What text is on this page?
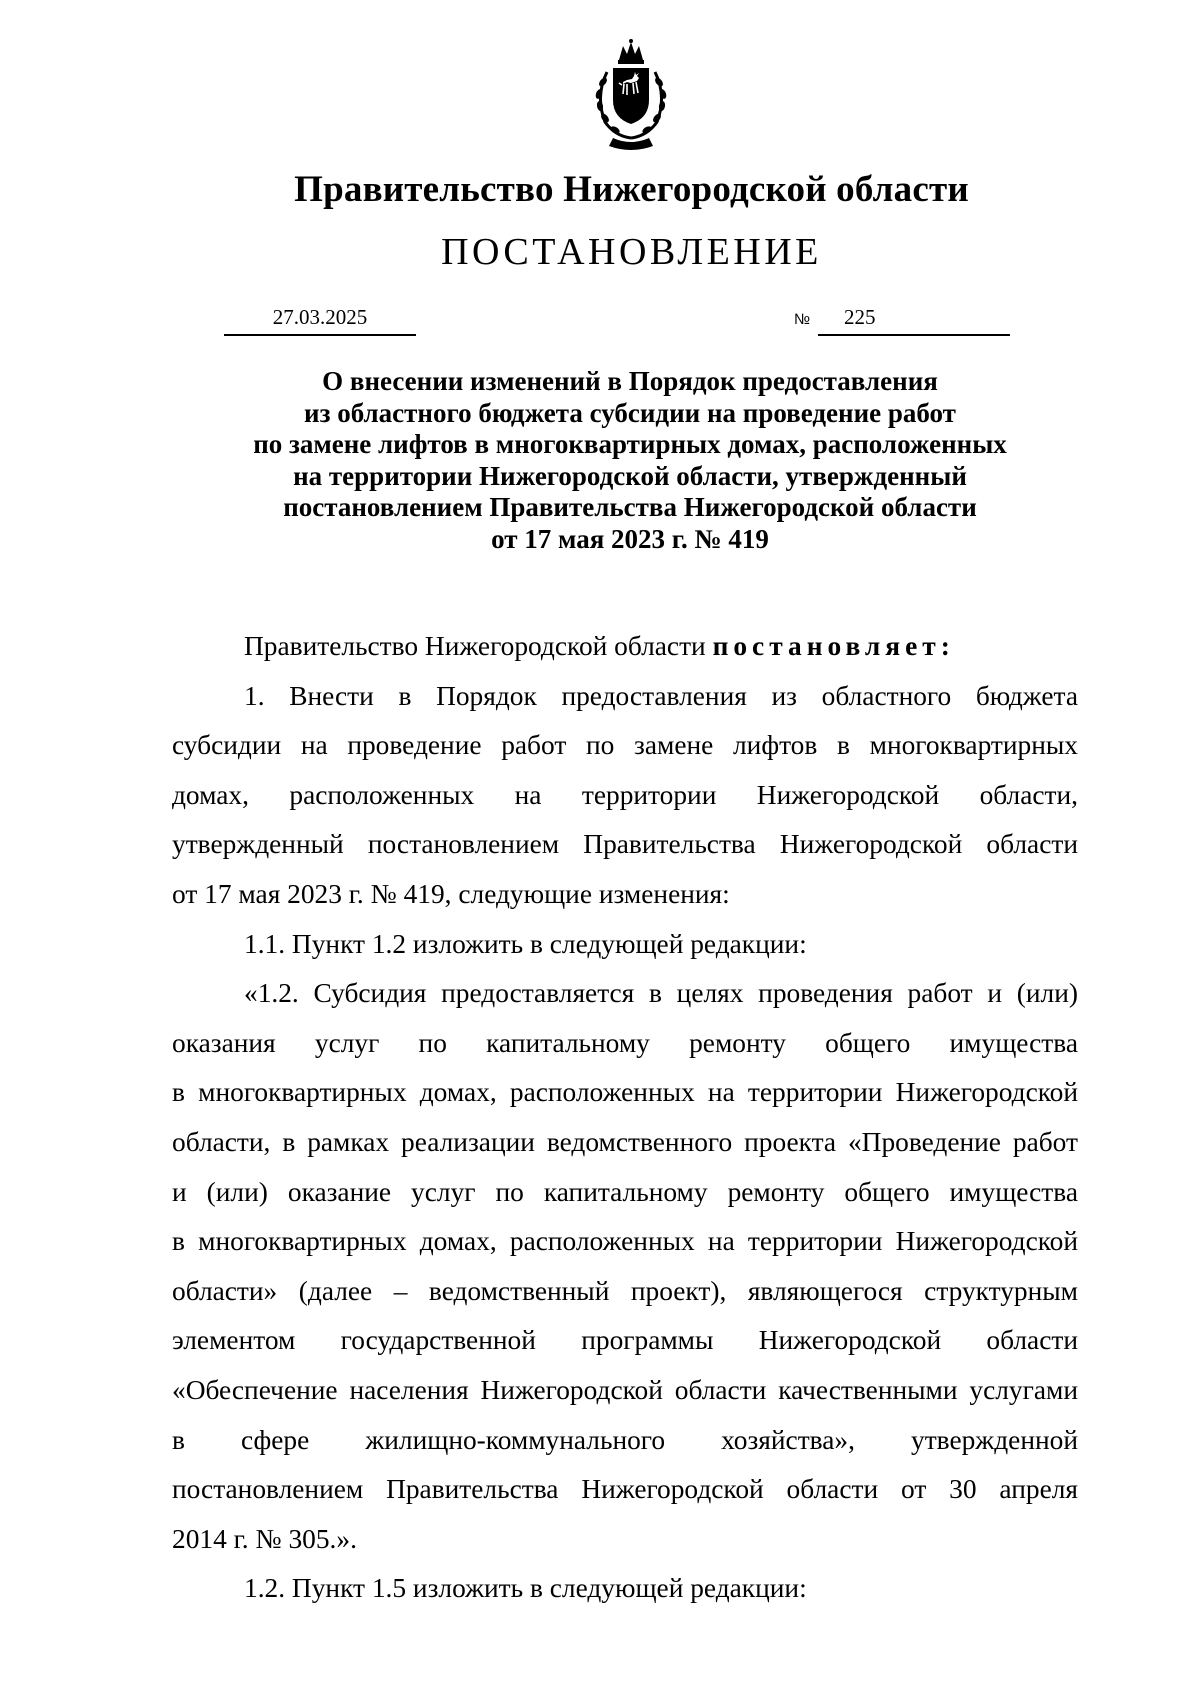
Правительство Нижегородской области
ПОСТАНОВЛЕНИЕ
27.03.2025	№ 225
О внесении изменений в Порядок предоставления
из областного бюджета субсидии на проведение работ
по замене лифтов в многоквартирных домах, расположенных
на территории Нижегородской области, утвержденный
постановлением Правительства Нижегородской области
от 17 мая 2023 г. № 419

Правительство Нижегородской области постановляет:

1. Внести в Порядок предоставления из областного бюджета
субсидии на проведение работ по замене лифтов в многоквартирных
домах, расположенных на территории Нижегородской области,
утвержденный постановлением Правительства Нижегородской области
от 17 мая 2023 г. № 419, следующие изменения:

1.1. Пункт 1.2 изложить в следующей редакции:

«1.2. Субсидия предоставляется в целях проведения работ и (или)
оказания услуг по капитальному ремонту общего имущества
в многоквартирных домах, расположенных на территории Нижегородской
области, в рамках реализации ведомственного проекта «Проведение работ
и (или) оказание услуг по капитальному ремонту общего имущества
в многоквартирных домах, расположенных на территории Нижегородской
области» (далее – ведомственный проект), являющегося структурным
элементом государственной программы Нижегородской области
«Обеспечение населения Нижегородской области качественными услугами
в сфере жилищно-коммунального хозяйства», утвержденной
постановлением Правительства Нижегородской области от 30 апреля
2014 г. № 305.».

1.2. Пункт 1.5 изложить в следующей редакции:
